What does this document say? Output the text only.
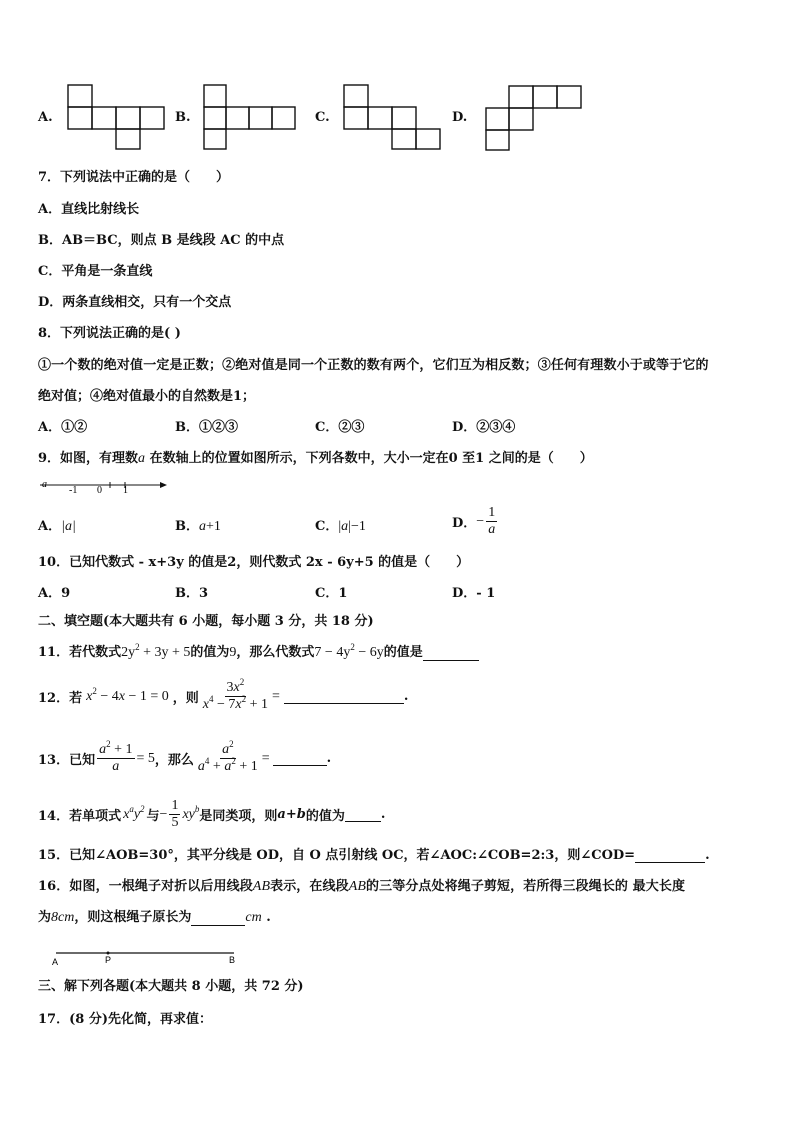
A.	B.	C.	D.
7．下列说法中正确的是（　　）
A．直线比射线长
B．AB＝BC，则点 B 是线段 AC 的中点
C．平角是一条直线
D．两条直线相交，只有一个交点
8．下列说法正确的是( )
①一个数的绝对值一定是正数；②绝对值是同一个正数的数有两个，它们互为相反数；③任何有理数小于或等于它的
绝对值；④绝对值最小的自然数是1；
A．①②	B．①②③	C．②③	D．②③④
9．如图，有理数a 在数轴上的位置如图所示，下列各数中，大小一定在0 至1 之间的是（　　）
a
-1 0 1
A．|a|	B．a+1	C．|a|−1	D． − $\frac{1}{a}$
10．已知代数式 - x+3y 的值是2，则代数式 2x - 6y+5 的值是（　　）
A．9	B．3	C．1	D．- 1
二、填空题(本大题共有 6 小题，每小题 3 分，共 18 分)
11．若代数式$2y^2 + 3y + 5$的值为9，那么代数式$7 - 4y^2 - 6y$的值是
12．若 $x^2 - 4x - 1 = 0$ ，则 $\frac{3x^2}{x^4 - 7x^2 + 1}$ =	.
13．已知 $\frac{a^2 + 1}{a} = 5$ ，那么 $\frac{a^2}{a^4 + a^2 + 1}$ =	.
14．若单项式 $x^ay^2$
与 − $\frac{1}{5} xy^b$
是同类项，则 a+b 的值为	.
15．已知∠AOB=30°，其平分线是 OD，自 O 点引射线 OC，若∠AOC:∠COB=2:3，则∠COD=	.
16．如图，一根绳子对折以后用线段AB表示，在线段AB的三等分点处将绳子剪短，若所得三段绳长的 最大长度
为8cm，则这根绳子原长为	cm .
A	P	B
三、解下列各题(本大题共 8 小题，共 72 分)
17．(8 分)先化简，再求值：
